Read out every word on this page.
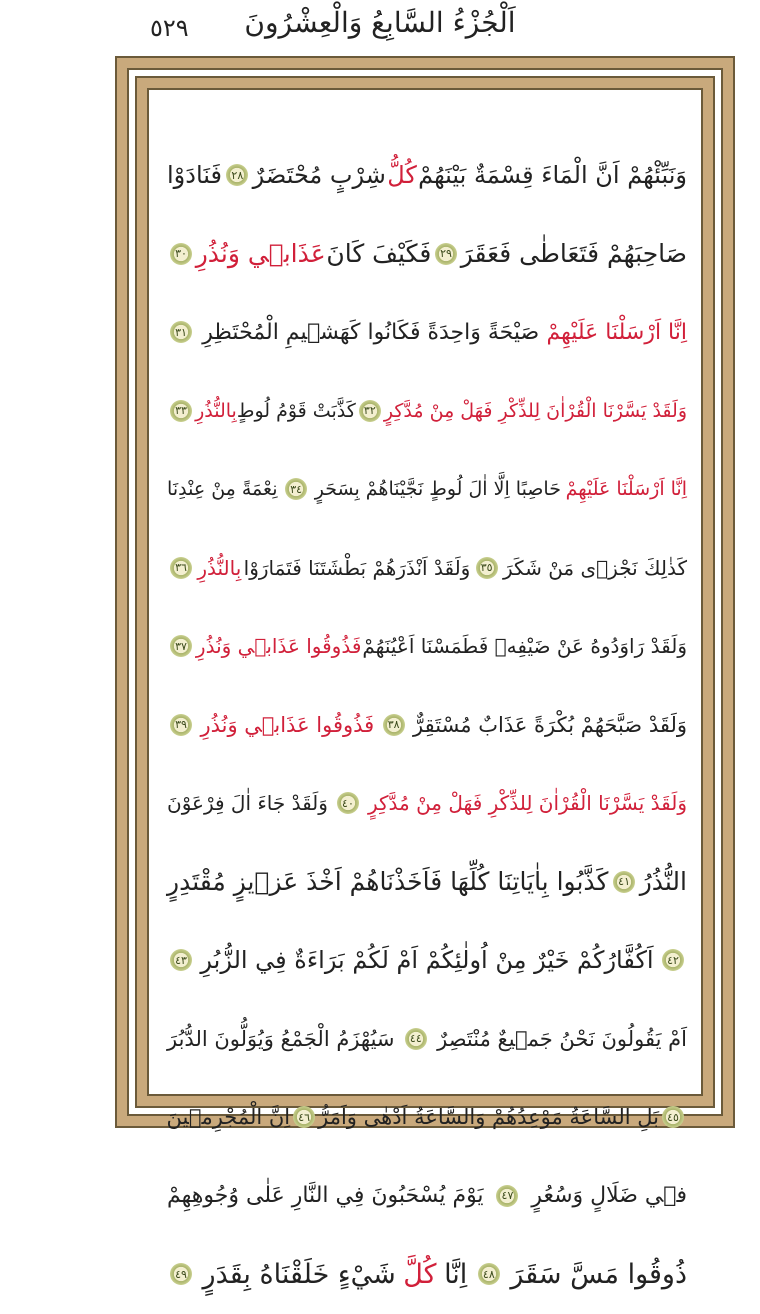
اَلْجُزْءُ السَّابِعُ وَالْعِشْرُونَ
٥٢٩
وَنَبِّئْهُمْ اَنَّ الْمَاءَ قِسْمَةٌ بَيْنَهُمْ
كُلُّ
شِرْبٍ مُحْتَضَرٌ
٢٨
فَنَادَوْا
صَاحِبَهُمْ فَتَعَاطٰى فَعَقَرَ
٢٩
فَكَيْفَ كَانَ
عَذَابٖي وَنُذُرِ
٣٠
اِنَّا اَرْسَلْنَا عَلَيْهِمْ
صَيْحَةً وَاحِدَةً فَكَانُوا كَهَشٖيمِ الْمُحْتَظِرِ
٣١
وَلَقَدْ يَسَّرْنَا الْقُرْاٰنَ لِلذِّكْرِ فَهَلْ مِنْ مُدَّكِرٍ
٣٢
كَذَّبَتْ قَوْمُ لُوطٍ
بِالنُّذُرِ
٣٣
اِنَّا اَرْسَلْنَا عَلَيْهِمْ
حَاصِبًا اِلَّا اٰلَ لُوطٍ نَجَّيْنَاهُمْ بِسَحَرٍ
٣٤
نِعْمَةً مِنْ عِنْدِنَا
كَذٰلِكَ نَجْزٖى مَنْ شَكَرَ
٣٥
وَلَقَدْ اَنْذَرَهُمْ بَطْشَتَنَا فَتَمَارَوْا
بِالنُّذُرِ
٣٦
وَلَقَدْ رَاوَدُوهُ عَنْ ضَيْفِهٖ فَطَمَسْنَا اَعْيُنَهُمْ
فَذُوقُوا عَذَابٖي وَنُذُرِ
٣٧
وَلَقَدْ صَبَّحَهُمْ بُكْرَةً عَذَابٌ مُسْتَقِرٌّ
٣٨
فَذُوقُوا عَذَابٖي وَنُذُرِ
٣٩
وَلَقَدْ يَسَّرْنَا الْقُرْاٰنَ لِلذِّكْرِ فَهَلْ مِنْ مُدَّكِرٍ
٤٠
وَلَقَدْ جَاءَ اٰلَ فِرْعَوْنَ
النُّذُرُ
٤١
كَذَّبُوا بِاٰيَاتِنَا كُلِّهَا فَاَخَذْنَاهُمْ اَخْذَ عَزٖيزٍ مُقْتَدِرٍ
٤٢
اَكُفَّارُكُمْ خَيْرٌ مِنْ اُولٰئِكُمْ اَمْ لَكُمْ بَرَاءَةٌ فِي الزُّبُرِ
٤٣
اَمْ يَقُولُونَ نَحْنُ جَمٖيعٌ مُنْتَصِرٌ
٤٤
سَيُهْزَمُ الْجَمْعُ وَيُوَلُّونَ الدُّبُرَ
٤٥
بَلِ السَّاعَةُ مَوْعِدُهُمْ وَالسَّاعَةُ اَدْهٰى وَاَمَرُّ
٤٦
اِنَّ الْمُجْرِمٖينَ
فٖي ضَلَالٍ وَسُعُرٍ
٤٧
يَوْمَ يُسْحَبُونَ فِي النَّارِ عَلٰى وُجُوهِهِمْ
ذُوقُوا مَسَّ سَقَرَ
٤٨
اِنَّا
كُلَّ
شَيْءٍ خَلَقْنَاهُ بِقَدَرٍ
٤٩
